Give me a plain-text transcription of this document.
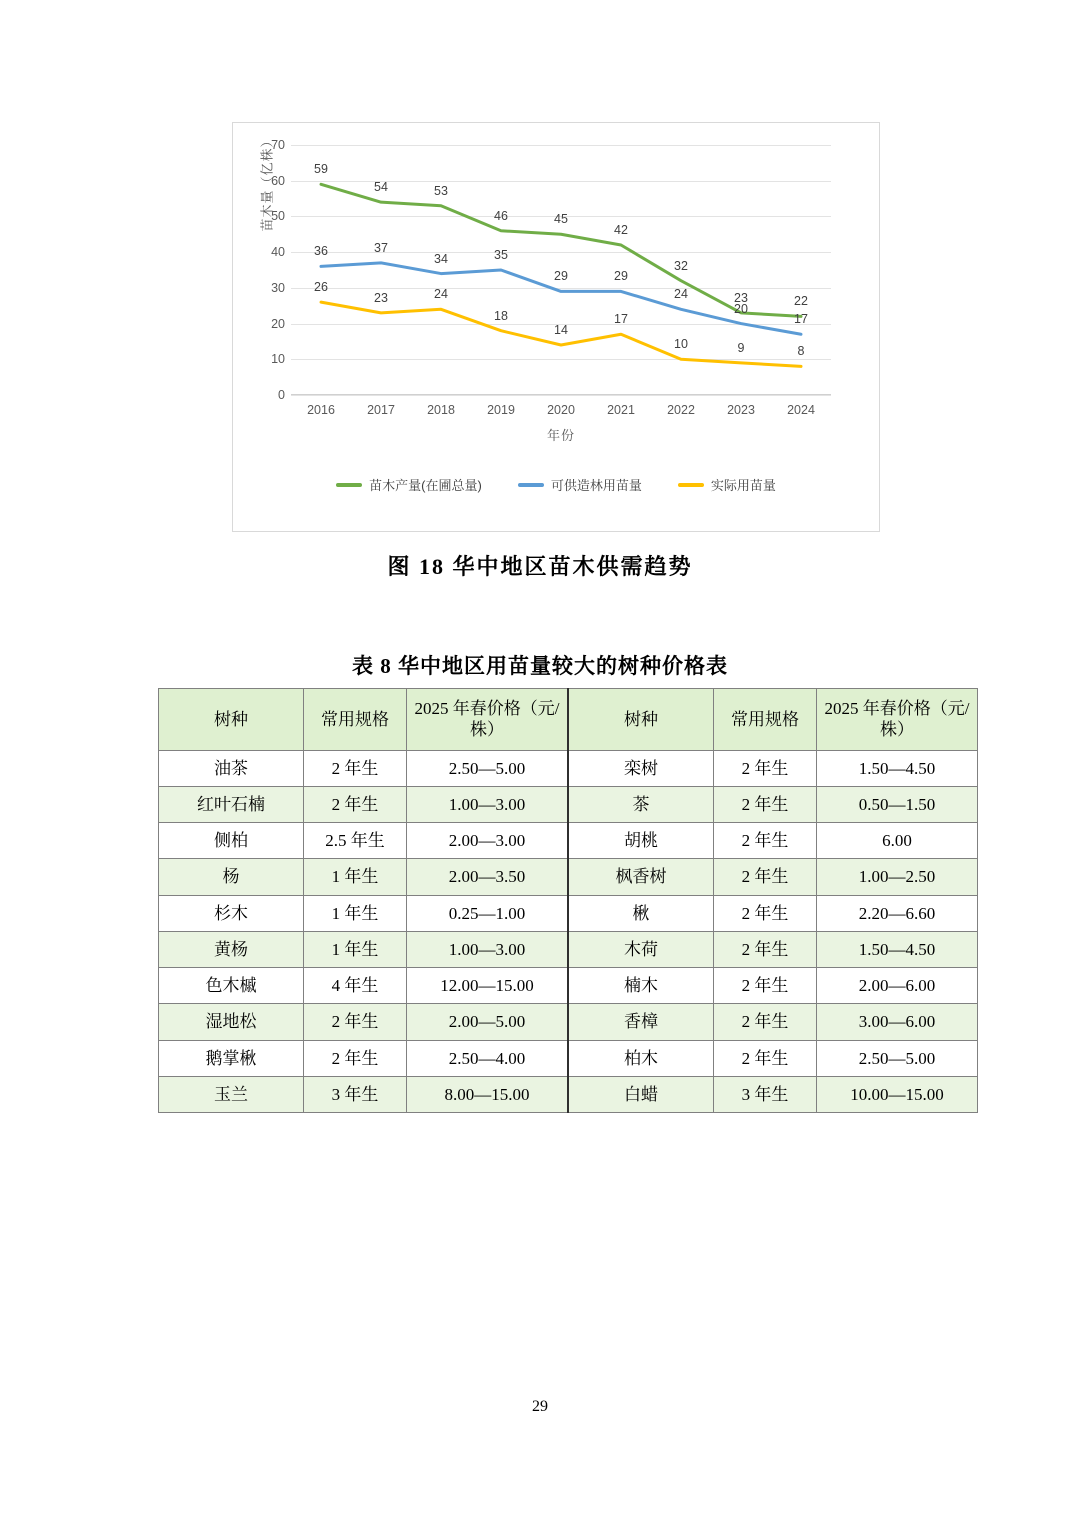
0
10
20
30
40
50
60
70
2016	2017	2018	2019	2020	2021	2022	2023	2024
年份
59
54	53
46	45
42
32
23	22
36	37
34	35
29	29
24
20
17
26
23	24
18
14
17
10	9	8
苗木量（亿株）
苗木产量(在圃总量)	可供造林用苗量	实际用苗量
图 18 华中地区苗木供需趋势
表 8 华中地区用苗量较大的树种价格表
树种	常用规格	2025 年春价格（元/株）	树种	常用规格	2025 年春价格（元/株）
油茶	2 年生	2.50—5.00	栾树	2 年生	1.50—4.50
红叶石楠	2 年生	1.00—3.00	茶	2 年生	0.50—1.50
侧柏	2.5 年生	2.00—3.00	胡桃	2 年生	6.00
杨	1 年生	2.00—3.50	枫香树	2 年生	1.00—2.50
杉木	1 年生	0.25—1.00	楸	2 年生	2.20—6.60
黄杨	1 年生	1.00—3.00	木荷	2 年生	1.50—4.50
色木槭	4 年生	12.00—15.00	楠木	2 年生	2.00—6.00
湿地松	2 年生	2.00—5.00	香樟	2 年生	3.00—6.00
鹅掌楸	2 年生	2.50—4.00	柏木	2 年生	2.50—5.00
玉兰	3 年生	8.00—15.00	白蜡	3 年生	10.00—15.00
29
